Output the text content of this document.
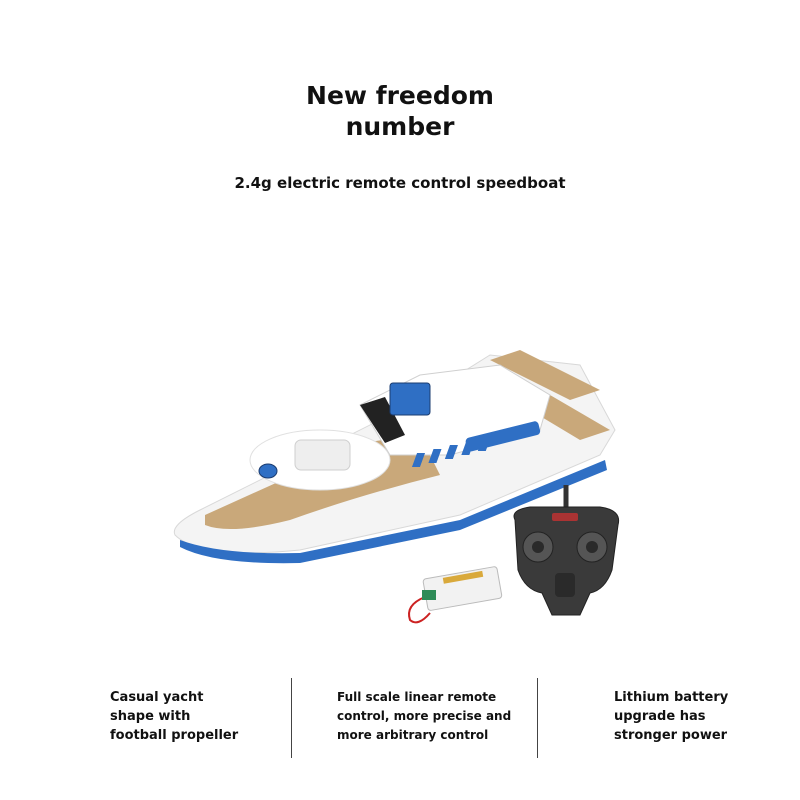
New freedom
number
2.4g electric remote control speedboat
Casual yacht
shape with
football propeller
Full scale linear remote
control, more precise and
more arbitrary control
Lithium battery
upgrade has
stronger power
